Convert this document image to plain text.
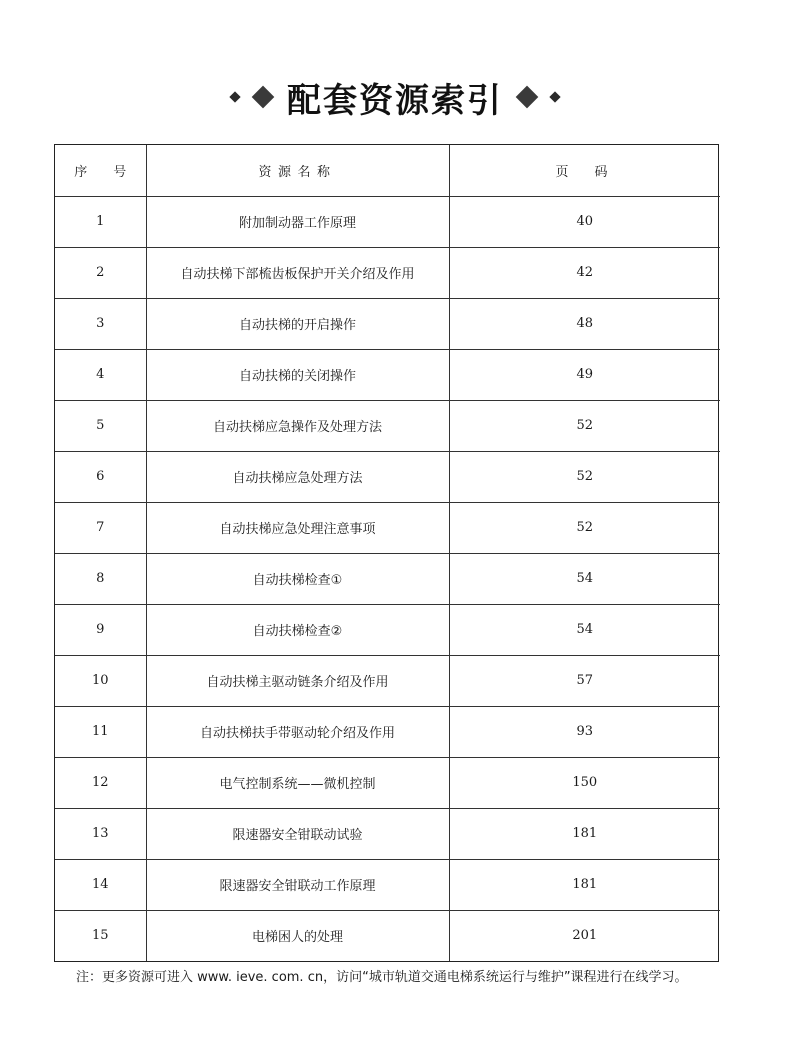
配套资源索引
序　　号	资源名称	页　码
1	附加制动器工作原理	40
2	自动扶梯下部梳齿板保护开关介绍及作用	42
3	自动扶梯的开启操作	48
4	自动扶梯的关闭操作	49
5	自动扶梯应急操作及处理方法	52
6	自动扶梯应急处理方法	52
7	自动扶梯应急处理注意事项	52
8	自动扶梯检查①	54
9	自动扶梯检查②	54
10	自动扶梯主驱动链条介绍及作用	57
11	自动扶梯扶手带驱动轮介绍及作用	93
12	电气控制系统——微机控制	150
13	限速器安全钳联动试验	181
14	限速器安全钳联动工作原理	181
15	电梯困人的处理	201
注：更多资源可进入 www. ieve. com. cn，访问“城市轨道交通电梯系统运行与维护”课程进行在线学习。
